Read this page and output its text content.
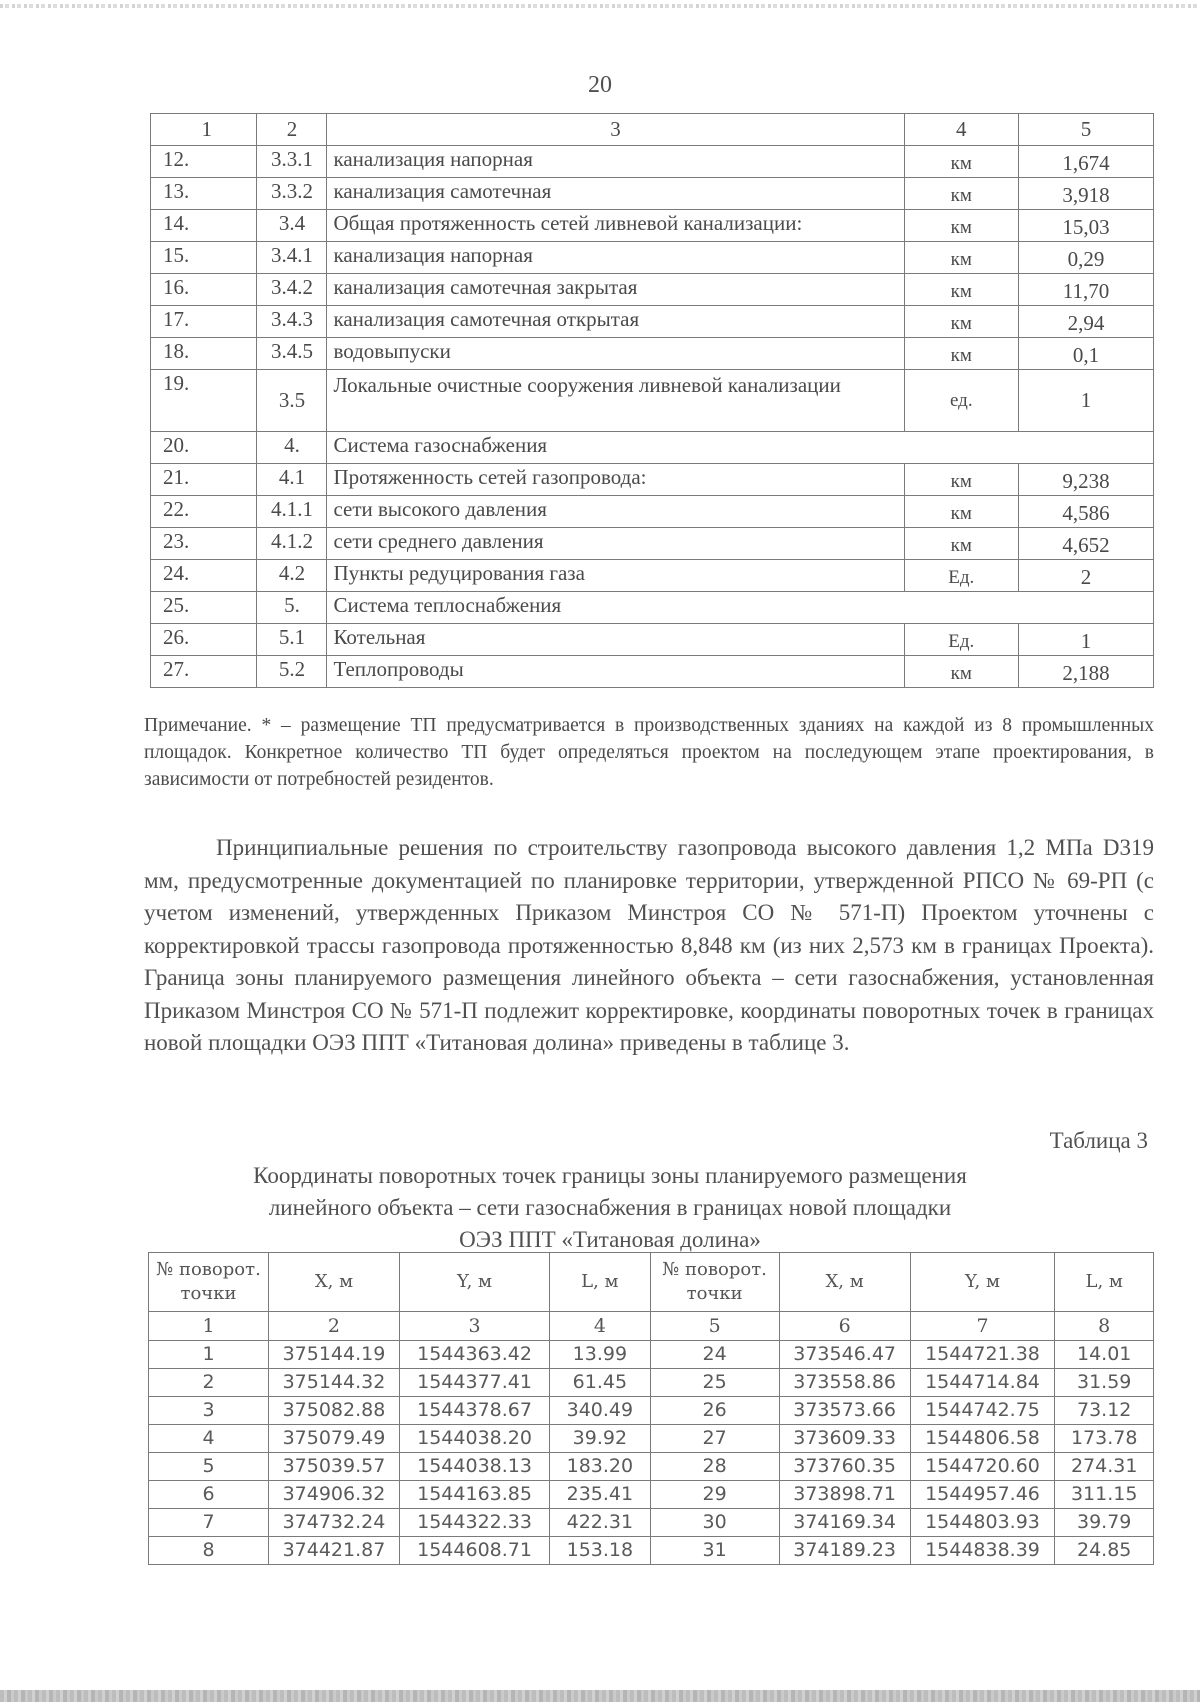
20
1	2	3	4	5
12.	3.3.1	канализация напорная	км	1,674
13.	3.3.2	канализация самотечная	км	3,918
14.	3.4	Общая протяженность сетей ливневой канализации:	км	15,03
15.	3.4.1	канализация напорная	км	0,29
16.	3.4.2	канализация самотечная закрытая	км	11,70
17.	3.4.3	канализация самотечная открытая	км	2,94
18.	3.4.5	водовыпуски	км	0,1
19.	3.5	Локальные очистные сооружения ливневой канализации	ед.	1
20.	4.	Система газоснабжения		
21.	4.1	Протяженность сетей газопровода:	км	9,238
22.	4.1.1	сети высокого давления	км	4,586
23.	4.1.2	сети среднего давления	км	4,652
24.	4.2	Пункты редуцирования газа	Ед.	2
25.	5.	Система теплоснабжения		
26.	5.1	Котельная	Ед.	1
27.	5.2	Теплопроводы	км	2,188
Примечание. * – размещение ТП предусматривается в производственных зданиях на каждой из 8 промышленных площадок. Конкретное количество ТП будет определяться проектом на последующем этапе проектирования, в зависимости от потребностей резидентов.
Принципиальные решения по строительству газопровода высокого давления 1,2 МПа D319 мм, предусмотренные документацией по планировке территории, утвержденной РПСО № 69-РП (с учетом изменений, утвержденных Приказом Минстроя СО № 571-П) Проектом уточнены с корректировкой трассы газопровода протяженностью 8,848 км (из них 2,573 км в границах Проекта). Граница зоны планируемого размещения линейного объекта – сети газоснабжения, установленная Приказом Минстроя СО № 571-П подлежит корректировке, координаты поворотных точек в границах новой площадки ОЭЗ ППТ «Титановая долина» приведены в таблице 3.
Таблица 3
Координаты поворотных точек границы зоны планируемого размещения
линейного объекта – сети газоснабжения в границах новой площадки
ОЭЗ ППТ «Титановая долина»
№ поворот. точки	X, м	Y, м	L, м	№ поворот. точки	X, м	Y, м	L, м
1	2	3	4	5	6	7	8
1	375144.19	1544363.42	13.99	24	373546.47	1544721.38	14.01
2	375144.32	1544377.41	61.45	25	373558.86	1544714.84	31.59
3	375082.88	1544378.67	340.49	26	373573.66	1544742.75	73.12
4	375079.49	1544038.20	39.92	27	373609.33	1544806.58	173.78
5	375039.57	1544038.13	183.20	28	373760.35	1544720.60	274.31
6	374906.32	1544163.85	235.41	29	373898.71	1544957.46	311.15
7	374732.24	1544322.33	422.31	30	374169.34	1544803.93	39.79
8	374421.87	1544608.71	153.18	31	374189.23	1544838.39	24.85
